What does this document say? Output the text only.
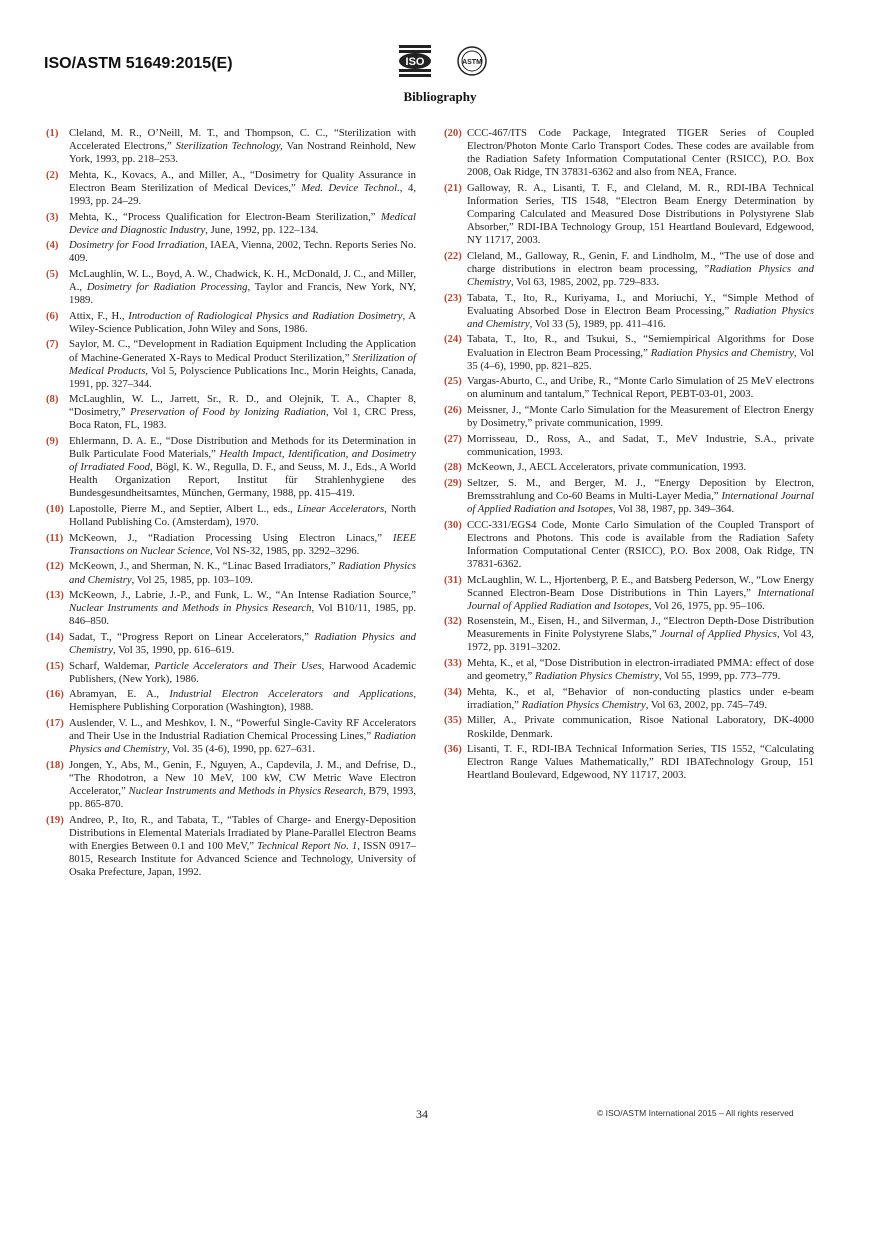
ISO/ASTM 51649:2015(E)	ISO	ASTM
Bibliography
(1) Cleland, M. R., O’Neill, M. T., and Thompson, C. C., “Sterilization with Accelerated Electrons,” Sterilization Technology, Van Nostrand Reinhold, New York, 1993, pp. 218–253.
(2) Mehta, K., Kovacs, A., and Miller, A., “Dosimetry for Quality Assurance in Electron Beam Sterilization of Medical Devices,” Med. Device Technol., 4, 1993, pp. 24–29.
(3) Mehta, K., “Process Qualification for Electron-Beam Sterilization,” Medical Device and Diagnostic Industry, June, 1992, pp. 122–134.
(4) Dosimetry for Food Irradiation, IAEA, Vienna, 2002, Techn. Reports Series No. 409.
(5) McLaughlin, W. L., Boyd, A. W., Chadwick, K. H., McDonald, J. C., and Miller, A., Dosimetry for Radiation Processing, Taylor and Francis, New York, NY, 1989.
(6) Attix, F., H., Introduction of Radiological Physics and Radiation Dosimetry, A Wiley-Science Publication, John Wiley and Sons, 1986.
(7) Saylor, M. C., “Development in Radiation Equipment Including the Application of Machine-Generated X-Rays to Medical Product Sterilization,” Sterilization of Medical Products, Vol 5, Polyscience Publications Inc., Morin Heights, Canada, 1991, pp. 327–344.
(8) McLaughlin, W. L., Jarrett, Sr., R. D., and Olejnik, T. A., Chapter 8, “Dosimetry,” Preservation of Food by Ionizing Radiation, Vol 1, CRC Press, Boca Raton, FL, 1983.
(9) Ehlermann, D. A. E., “Dose Distribution and Methods for its Determination in Bulk Particulate Food Materials,” Health Impact, Identification, and Dosimetry of Irradiated Food, Bögl, K. W., Regulla, D. F., and Seuss, M. J., Eds., A World Health Organization Report, Institut für Strahlenhygiene des Bundesgesundheitsamtes, München, Germany, 1988, pp. 415–419.
(10) Lapostolle, Pierre M., and Septier, Albert L., eds., Linear Accelerators, North Holland Publishing Co. (Amsterdam), 1970.
(11) McKeown, J., “Radiation Processing Using Electron Linacs,” IEEE Transactions on Nuclear Science, Vol NS-32, 1985, pp. 3292–3296.
(12) McKeown, J., and Sherman, N. K., “Linac Based Irradiators,” Radiation Physics and Chemistry, Vol 25, 1985, pp. 103–109.
(13) McKeown, J., Labrie, J.-P., and Funk, L. W., “An Intense Radiation Source,” Nuclear Instruments and Methods in Physics Research, Vol B10/11, 1985, pp. 846–850.
(14) Sadat, T., “Progress Report on Linear Accelerators,” Radiation Physics and Chemistry, Vol 35, 1990, pp. 616–619.
(15) Scharf, Waldemar, Particle Accelerators and Their Uses, Harwood Academic Publishers, (New York), 1986.
(16) Abramyan, E. A., Industrial Electron Accelerators and Applications, Hemisphere Publishing Corporation (Washington), 1988.
(17) Auslender, V. L., and Meshkov, I. N., “Powerful Single-Cavity RF Accelerators and Their Use in the Industrial Radiation Chemical Processing Lines,” Radiation Physics and Chemistry, Vol. 35 (4-6), 1990, pp. 627–631.
(18) Jongen, Y., Abs, M., Genin, F., Nguyen, A., Capdevila, J. M., and Defrise, D., “The Rhodotron, a New 10 MeV, 100 kW, CW Metric Wave Electron Accelerator,” Nuclear Instruments and Methods in Physics Research, B79, 1993, pp. 865-870.
(19) Andreo, P., Ito, R., and Tabata, T., “Tables of Charge- and Energy-Deposition Distributions in Elemental Materials Irradiated by Plane-Parallel Electron Beams with Energies Between 0.1 and 100 MeV,” Technical Report No. 1, ISSN 0917–8015, Research Institute for Advanced Science and Technology, University of Osaka Prefecture, Japan, 1992.
(20) CCC-467/ITS Code Package, Integrated TIGER Series of Coupled Electron/Photon Monte Carlo Transport Codes. These codes are available from the Radiation Safety Information Computational Center (RSICC), P.O. Box 2008, Oak Ridge, TN 37831-6362 and also from NEA, France.
(21) Galloway, R. A., Lisanti, T. F., and Cleland, M. R., RDI-IBA Technical Information Series, TIS 1548, “Electron Beam Energy Determination by Comparing Calculated and Measured Dose Distributions in Polystyrene Slab Absorber,” RDI-IBA Technology Group, 151 Heartland Boulevard, Edgewood, NY 11717, 2003.
(22) Cleland, M., Galloway, R., Genin, F. and Lindholm, M., “The use of dose and charge distributions in electron beam processing, ”Radiation Physics and Chemistry, Vol 63, 1985, 2002, pp. 729–833.
(23) Tabata, T., Ito, R., Kuriyama, I., and Moriuchi, Y., “Simple Method of Evaluating Absorbed Dose in Electron Beam Processing,” Radiation Physics and Chemistry, Vol 33 (5), 1989, pp. 411–416.
(24) Tabata, T., Ito, R., and Tsukui, S., “Semiempirical Algorithms for Dose Evaluation in Electron Beam Processing,” Radiation Physics and Chemistry, Vol 35 (4–6), 1990, pp. 821–825.
(25) Vargas-Aburto, C., and Uribe, R., “Monte Carlo Simulation of 25 MeV electrons on aluminum and tantalum,” Technical Report, PEBT-03-01, 2003.
(26) Meissner, J., “Monte Carlo Simulation for the Measurement of Electron Energy by Dosimetry,” private communication, 1999.
(27) Morrisseau, D., Ross, A., and Sadat, T., MeV Industrie, S.A., private communication, 1993.
(28) McKeown, J., AECL Accelerators, private communication, 1993.
(29) Seltzer, S. M., and Berger, M. J., “Energy Deposition by Electron, Bremsstrahlung and Co-60 Beams in Multi-Layer Media,” International Journal of Applied Radiation and Isotopes, Vol 38, 1987, pp. 349–364.
(30) CCC-331/EGS4 Code, Monte Carlo Simulation of the Coupled Transport of Electrons and Photons. This code is available from the Radiation Safety Information Computational Center (RSICC), P.O. Box 2008, Oak Ridge, TN 37831-6362.
(31) McLaughlin, W. L., Hjortenberg, P. E., and Batsberg Pederson, W., “Low Energy Scanned Electron-Beam Dose Distributions in Thin Layers,” International Journal of Applied Radiation and Isotopes, Vol 26, 1975, pp. 95–106.
(32) Rosenstein, M., Eisen, H., and Silverman, J., “Electron Depth-Dose Distribution Measurements in Finite Polystyrene Slabs,” Journal of Applied Physics, Vol 43, 1972, pp. 3191–3202.
(33) Mehta, K., et al, “Dose Distribution in electron-irradiated PMMA: effect of dose and geometry,” Radiation Physics Chemistry, Vol 55, 1999, pp. 773–779.
(34) Mehta, K., et al, “Behavior of non-conducting plastics under e-beam irradiation,” Radiation Physics Chemistry, Vol 63, 2002, pp. 745–749.
(35) Miller, A., Private communication, Risoe National Laboratory, DK-4000 Roskilde, Denmark.
(36) Lisanti, T. F., RDI-IBA Technical Information Series, TIS 1552, “Calculating Electron Range Values Mathematically,” RDI IBATechnology Group, 151 Heartland Boulevard, Edgewood, NY 11717, 2003.
34	© ISO/ASTM International 2015 – All rights reserved
